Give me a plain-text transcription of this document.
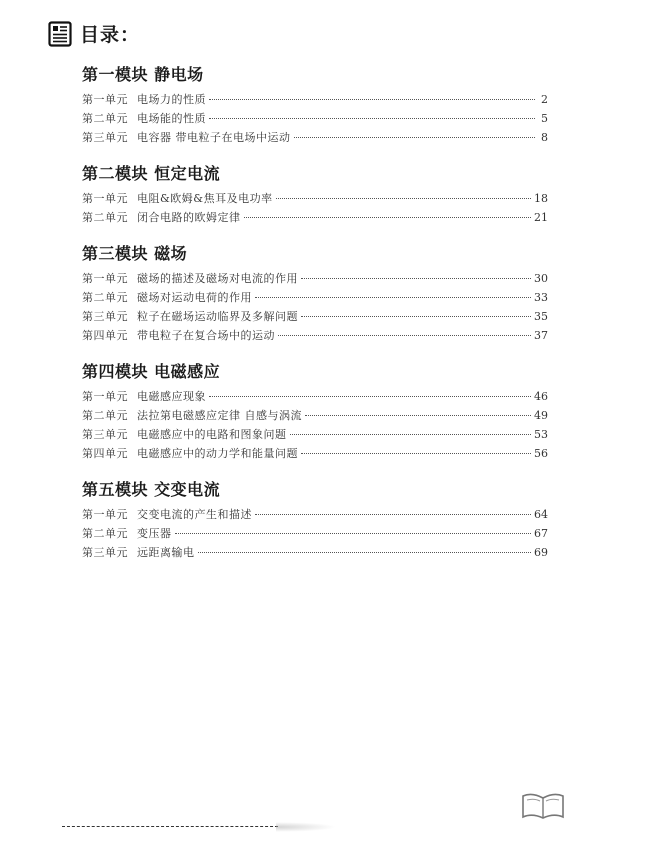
目录：
第一模块 静电场
第一单元 电场力的性质	2
第二单元 电场能的性质	5
第三单元 电容器 带电粒子在电场中运动	8
第二模块 恒定电流
第一单元 电阻&欧姆&焦耳及电功率	18
第二单元 闭合电路的欧姆定律	21
第三模块 磁场
第一单元 磁场的描述及磁场对电流的作用	30
第二单元 磁场对运动电荷的作用	33
第三单元 粒子在磁场运动临界及多解问题	35
第四单元 带电粒子在复合场中的运动	37
第四模块 电磁感应
第一单元 电磁感应现象	46
第二单元 法拉第电磁感应定律 自感与涡流	49
第三单元 电磁感应中的电路和图象问题	53
第四单元 电磁感应中的动力学和能量问题	56
第五模块 交变电流
第一单元 交变电流的产生和描述	64
第二单元 变压器	67
第三单元 远距离输电	69
